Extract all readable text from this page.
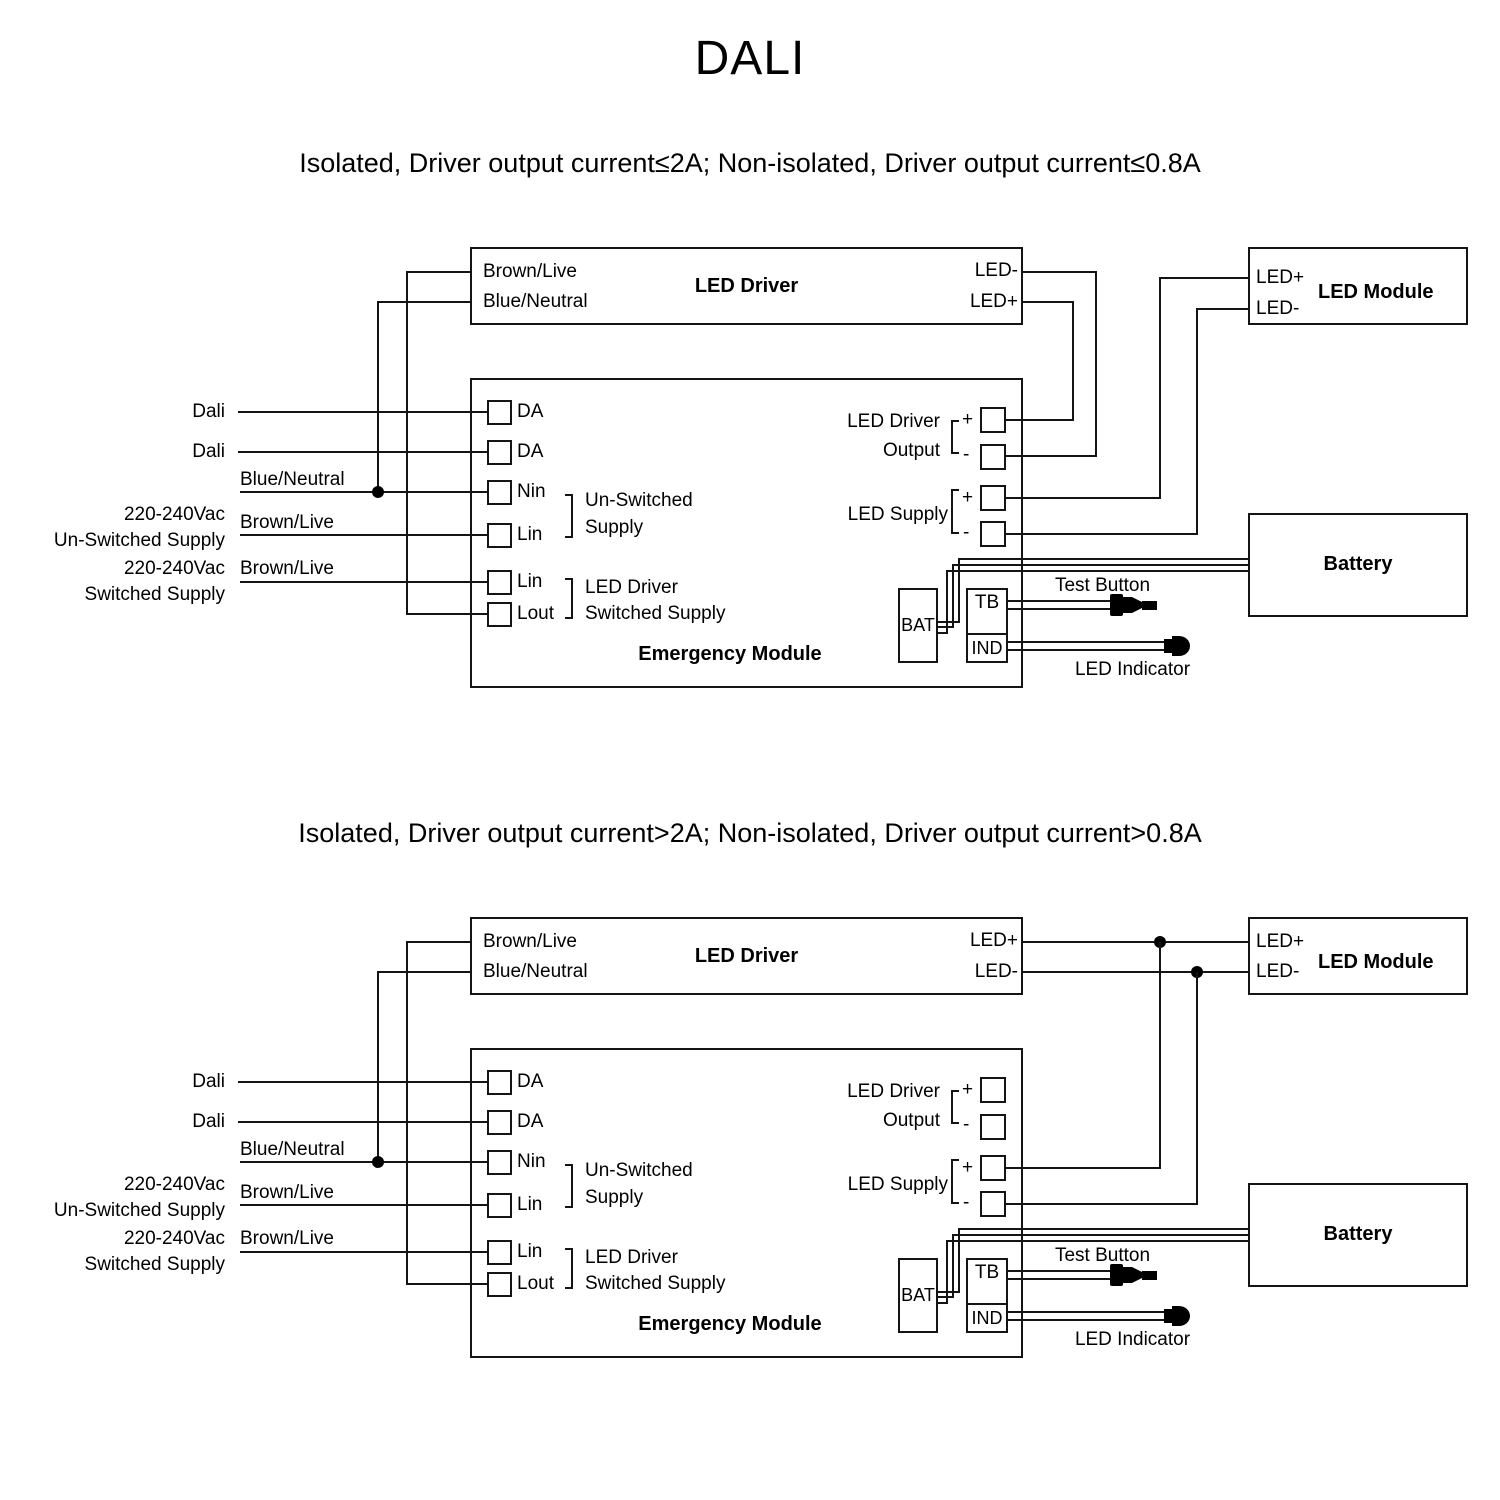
DALI
Isolated, Driver output current≤2A; Non-isolated, Driver output current≤0.8A
Brown/Live
Blue/Neutral
LED Driver
LED-
LED+
LED+
LED-
LED Module
Emergency Module
Battery
Dali
Dali
Blue/Neutral
220-240Vac
Un-Switched Supply
Brown/Live
220-240Vac
Switched Supply
Brown/Live
DA
DA
Nin
Lin
Lin
Lout
Un-Switched
Supply
LED Driver
Switched Supply
LED Driver
Output
+
-
LED Supply
+
-
BAT
TB
IND
Test Button
LED Indicator
Isolated, Driver output current>2A; Non-isolated, Driver output current>0.8A
Brown/Live
Blue/Neutral
LED Driver
LED+
LED-
LED+
LED- LED Module
Emergency Module
Battery
Dali
Dali
Blue/Neutral
220-240Vac
Un-Switched Supply
Brown/Live
220-240Vac
Switched Supply
Brown/Live
DA
DA
Nin
Lin
Lin
Lout
Un-Switched
Supply
LED Driver
Switched Supply
LED Driver
Output
+
-
LED Supply
+
-
BAT
TB
IND
Test Button
LED Indicator
